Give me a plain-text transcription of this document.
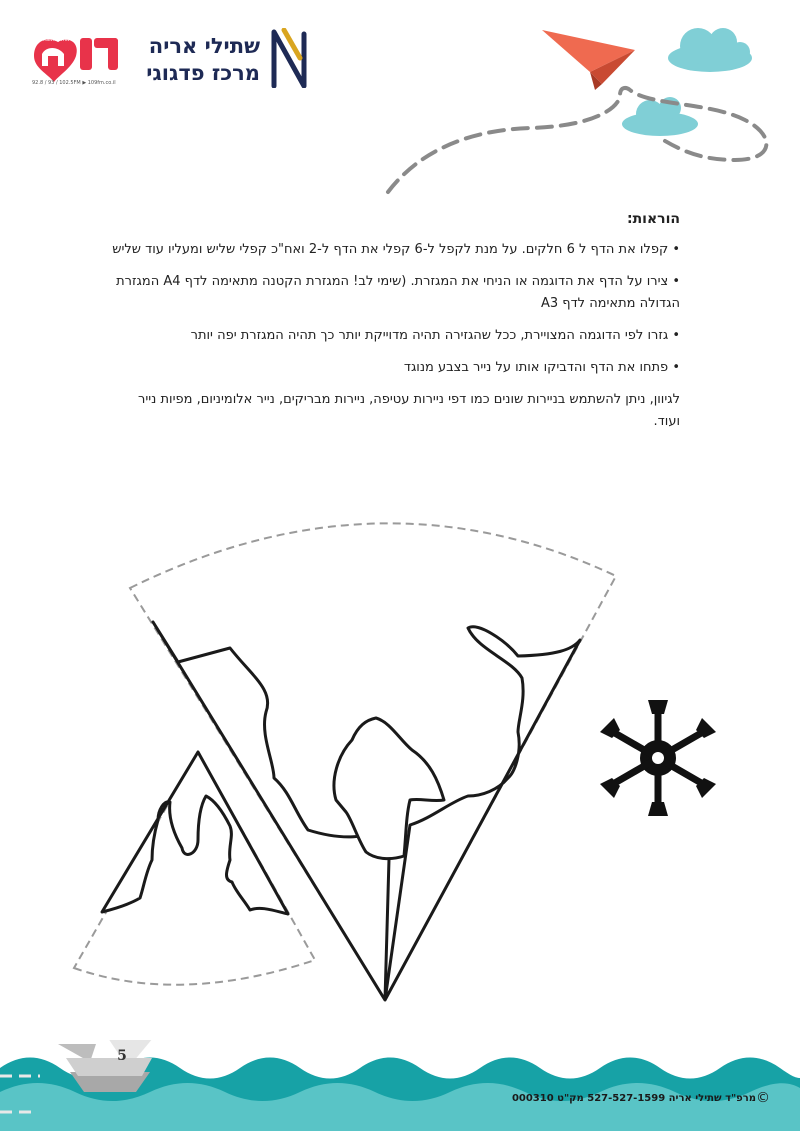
שתילי אריה
מרכז פדגוגי
מחזק אמונה
92.8 / 93 / 102.5FM ▶ 109fm.co.il
הוראות:
• קפלו את הדף ל 6 חלקים. על מנת לקפל ל-6 קפלי את הדף ל-2 ואח"כ קפלי שליש ומעליו עוד שליש
• צירו על הדף את הדוגמה או הניחי את המגזרת. (שימי לב! המגזרת הקטנה מתאימה לדף A4 המגזרת הגדולה מתאימה לדף A3
• גזרו לפי הדוגמה המצויירת, ככל שהגזירה תהיה מדוייקת יותר כך תהיה המגזרת יפה יותר
• פתחו את הדף והדביקו אותו על נייר בצבע מנוגד

לגיוון, ניתן להשתמש בניירות שונים כמו דפי ניירות עטיפה, ניירות מבריקים, נייר אלומיניום, מפיות נייר ועוד.

5
©מרפ"ד שתילי אריה 527-527-1599 מק"ט 000310
